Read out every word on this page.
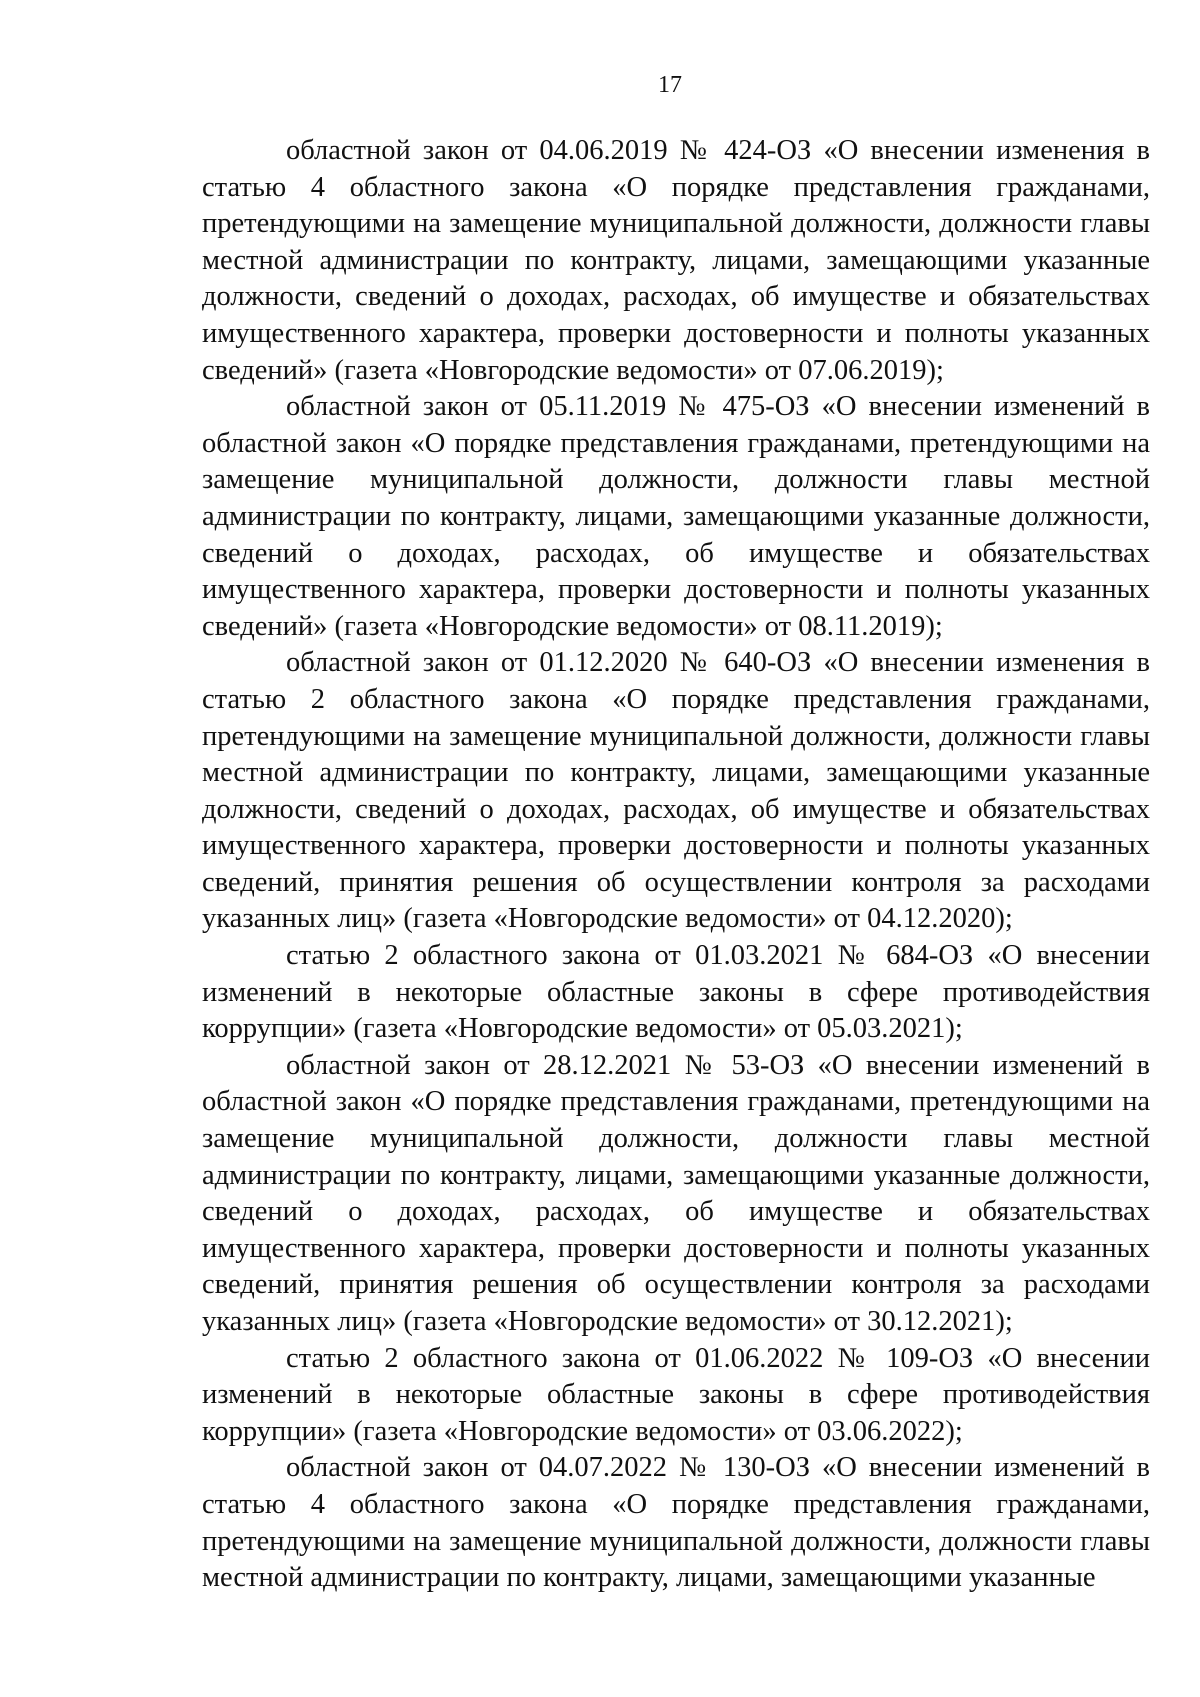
17

областной закон от 04.06.2019 № 424-ОЗ «О внесении изменения в статью 4 областного закона «О порядке представления гражданами, претендующими на замещение муниципальной должности, должности главы местной администрации по контракту, лицами, замещающими указанные должности, сведений о доходах, расходах, об имуществе и обязательствах имущественного характера, проверки достоверности и полноты указанных сведений» (газета «Новгородские ведомости» от 07.06.2019);

областной закон от 05.11.2019 № 475-ОЗ «О внесении изменений в областной закон «О порядке представления гражданами, претендующими на замещение муниципальной должности, должности главы местной администрации по контракту, лицами, замещающими указанные должности, сведений о доходах, расходах, об имуществе и обязательствах имущественного характера, проверки достоверности и полноты указанных сведений» (газета «Новгородские ведомости» от 08.11.2019);

областной закон от 01.12.2020 № 640-ОЗ «О внесении изменения в статью 2 областного закона «О порядке представления гражданами, претендующими на замещение муниципальной должности, должности главы местной администрации по контракту, лицами, замещающими указанные должности, сведений о доходах, расходах, об имуществе и обязательствах имущественного характера, проверки достоверности и полноты указанных сведений, принятия решения об осуществлении контроля за расходами указанных лиц» (газета «Новгородские ведомости» от 04.12.2020);

статью 2 областного закона от 01.03.2021 № 684-ОЗ «О внесении изменений в некоторые областные законы в сфере противодействия коррупции» (газета «Новгородские ведомости» от 05.03.2021);

областной закон от 28.12.2021 № 53-ОЗ «О внесении изменений в областной закон «О порядке представления гражданами, претендующими на замещение муниципальной должности, должности главы местной администрации по контракту, лицами, замещающими указанные должности, сведений о доходах, расходах, об имуществе и обязательствах имущественного характера, проверки достоверности и полноты указанных сведений, принятия решения об осуществлении контроля за расходами указанных лиц» (газета «Новгородские ведомости» от 30.12.2021);

статью 2 областного закона от 01.06.2022 № 109-ОЗ «О внесении изменений в некоторые областные законы в сфере противодействия коррупции» (газета «Новгородские ведомости» от 03.06.2022);

областной закон от 04.07.2022 № 130-ОЗ «О внесении изменений в статью 4 областного закона «О порядке представления гражданами, претендующими на замещение муниципальной должности, должности главы местной администрации по контракту, лицами, замещающими указанные
